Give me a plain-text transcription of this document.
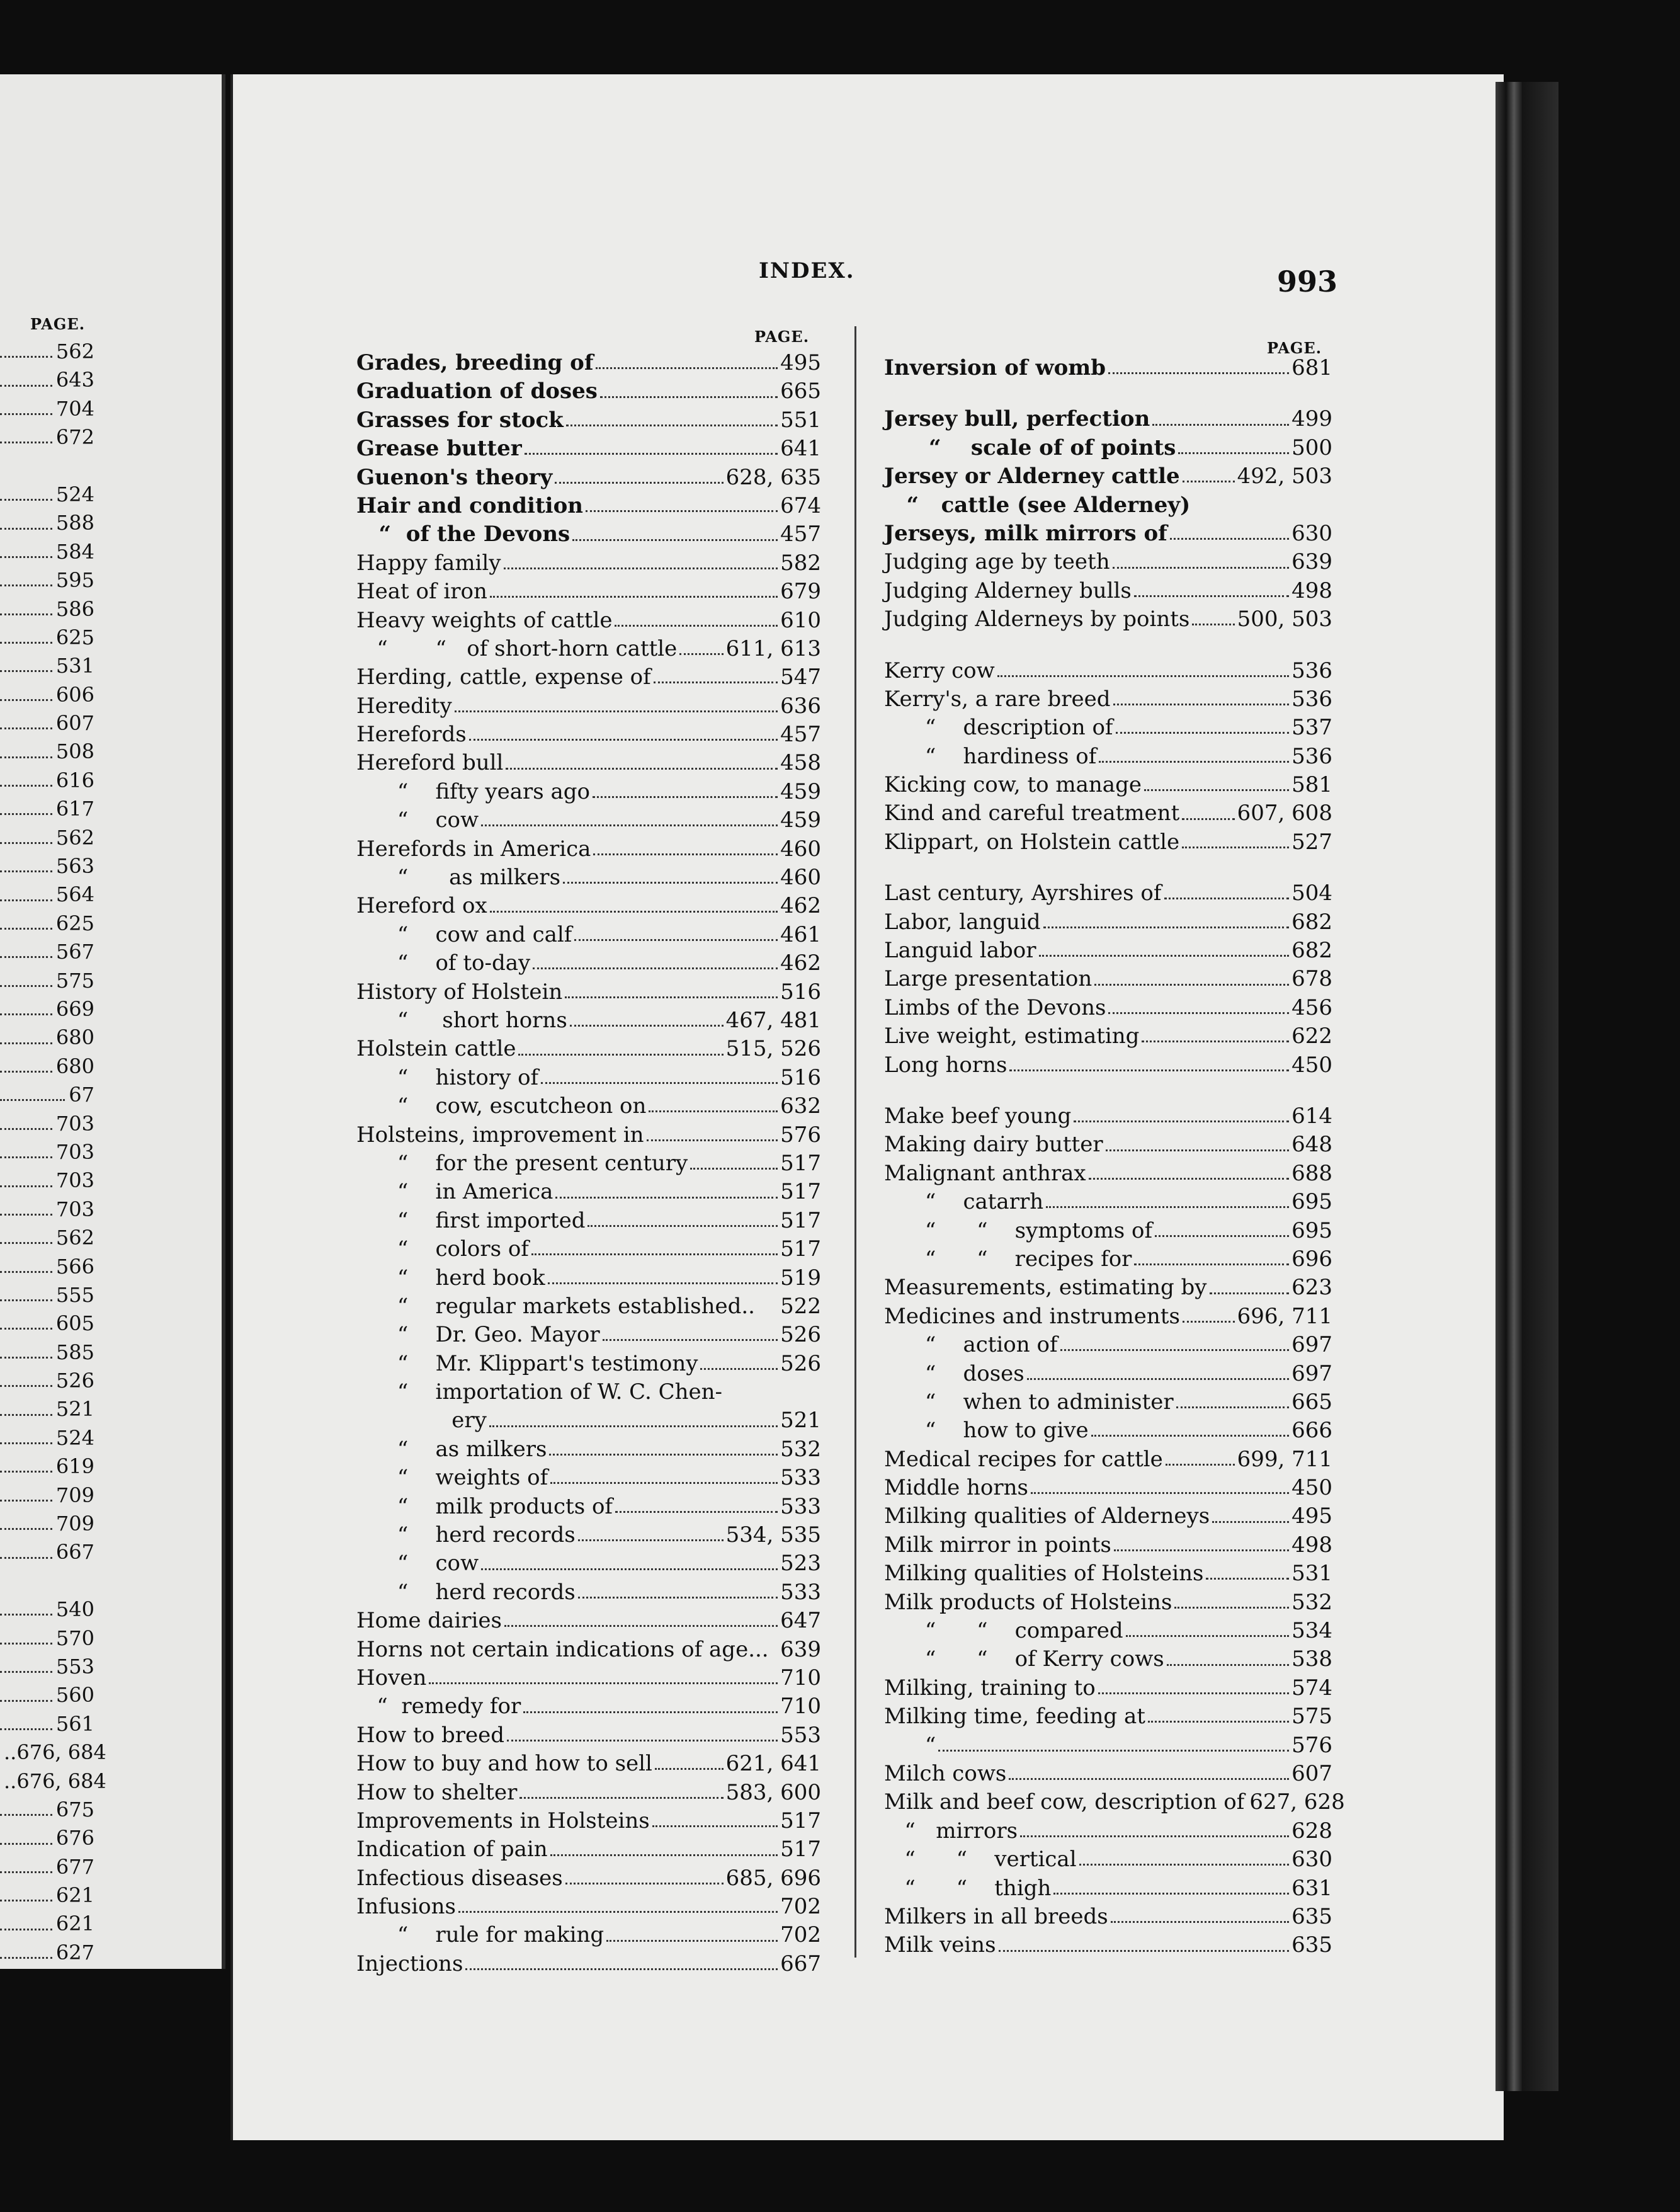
PAGE.
562
643
704
672
524
588
584
595
586
625
531
606
607
508
616
617
562
563
564
625
567
575
669
680
680
67
703
703
703
703
562
566
555
605
585
526
521
524
619
709
709
667
540
570
553
560
561
..676, 684
..676, 684
675
676
677
621
621
627
INDEX.	993
PAGE.
PAGE.
Grades, breeding of	495
Graduation of doses	665
Grasses for stock	551
Grease butter	641
Guenon's theory	628, 635
Hair and condition	674
“  of the Devons	457
Happy family	582
Heat of iron	679
Heavy weights of cattle	610
“       “   of short-horn cattle 611, 613
Herding, cattle, expense of	547
Heredity	636
Herefords	457
Hereford bull	458
“    fifty years ago	459
“    cow	459
Herefords in America	460
“      as milkers	460
Hereford ox	462
“    cow and calf	461
“    of to-day	462
History of Holstein	516
“     short horns	467, 481
Holstein cattle	515, 526
“    history of	516
“    cow, escutcheon on	632
Holsteins, improvement in	576
“    for the present century	517
“    in America	517
“    first imported	517
“    colors of	517
“    herd book	519
“    regular markets established.. 522
“    Dr. Geo. Mayor	526
“    Mr. Klippart's testimony	526
“    importation of W. C. Chen-
ery	521
“    as milkers	532
“    weights of	533
“    milk products of	533
“    herd records	534, 535
“    cow	523
“    herd records	533
Home dairies	647
Horns not certain indications of age... 639
Hoven	710
“  remedy for	710
How to breed	553
How to buy and how to sell	621, 641
How to shelter	583, 600
Improvements in Holsteins	517
Indication of pain	517
Infectious diseases	685, 696
Infusions	702
“    rule for making	702
Injections	667
Inversion of womb	681
Jersey bull, perfection	499
“    scale of of points	500
Jersey or Alderney cattle	492, 503
“   cattle (see Alderney)
Jerseys, milk mirrors of	630
Judging age by teeth	639
Judging Alderney bulls	498
Judging Alderneys by points 500, 503
Kerry cow	536
Kerry's, a rare breed	536
“    description of	537
“    hardiness of	536
Kicking cow, to manage	581
Kind and careful treatment	607, 608
Klippart, on Holstein cattle	527
Last century, Ayrshires of	504
Labor, languid	682
Languid labor	682
Large presentation	678
Limbs of the Devons	456
Live weight, estimating	622
Long horns	450
Make beef young	614
Making dairy butter	648
Malignant anthrax	688
“    catarrh	695
“      “    symptoms of	695
“      “    recipes for	696
Measurements, estimating by	623
Medicines and instruments	696, 711
“    action of	697
“    doses	697
“    when to administer	665
“    how to give	666
Medical recipes for cattle	699, 711
Middle horns	450
Milking qualities of Alderneys	495
Milk mirror in points	498
Milking qualities of Holsteins	531
Milk products of Holsteins	532
“      “    compared	534
“      “    of Kerry cows	538
Milking, training to	574
Milking time, feeding at	575
“	576
Milch cows	607
Milk and beef cow, description of 627, 628
“   mirrors	628
“      “    vertical	630
“      “    thigh	631
Milkers in all breeds	635
Milk veins	635
